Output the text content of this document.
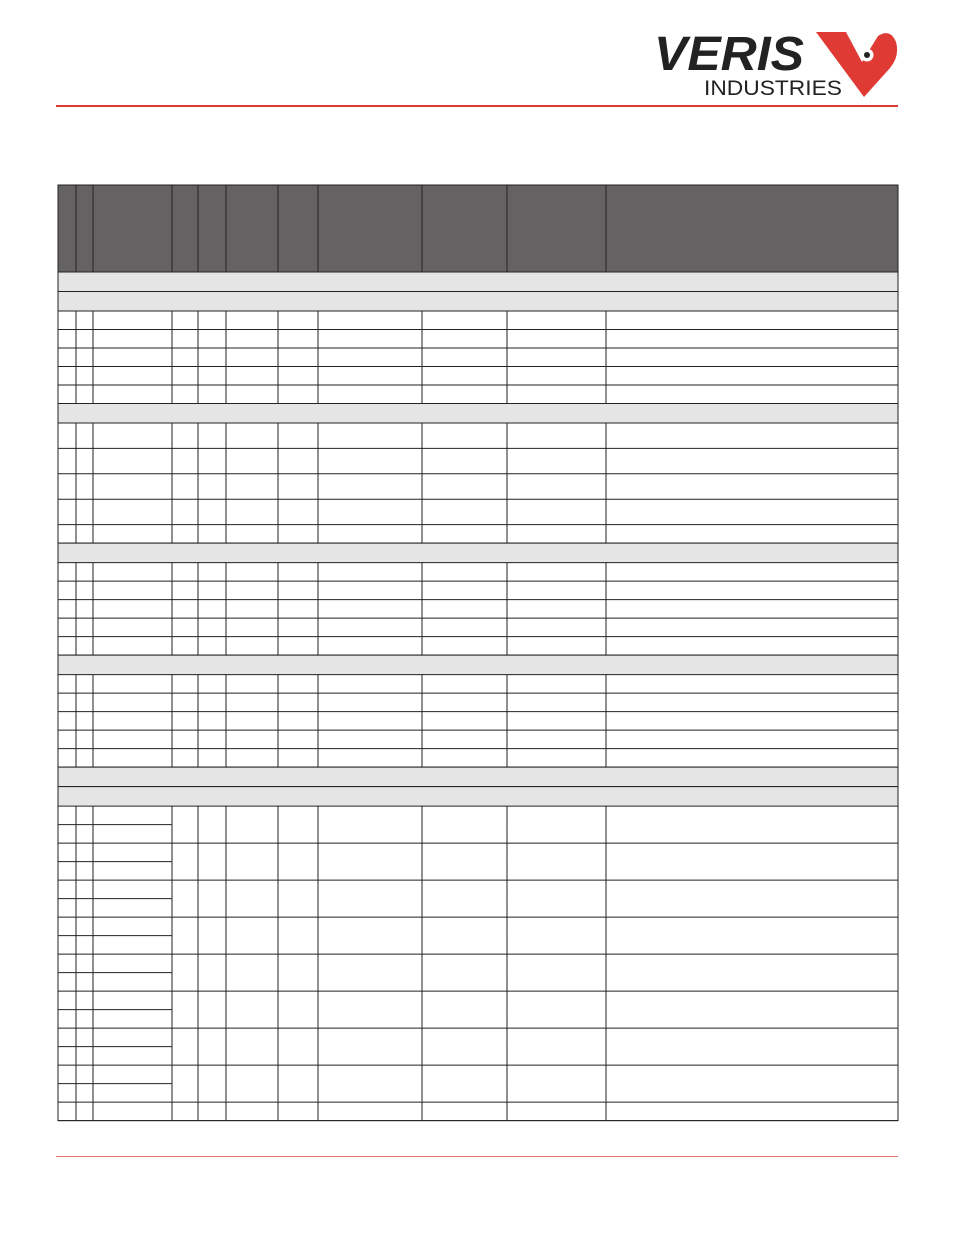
VERIS
INDUSTRIES
